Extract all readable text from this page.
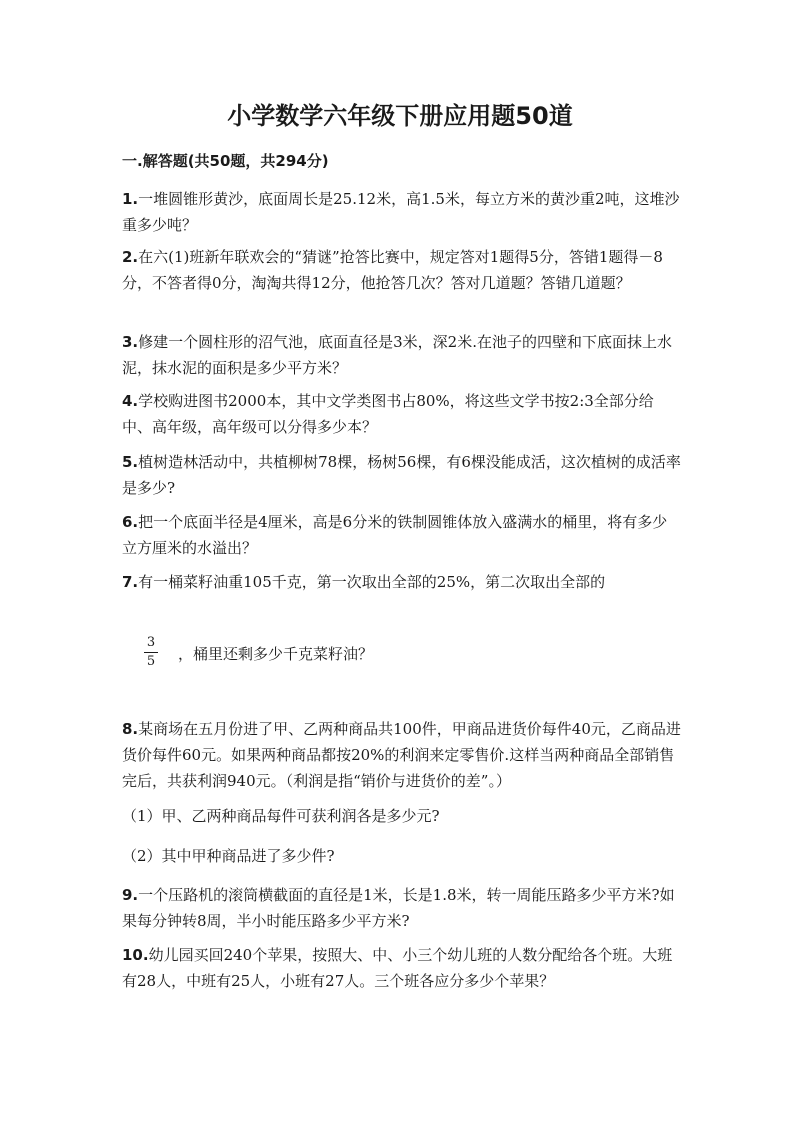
小学数学六年级下册应用题50道

一.解答题(共50题，共294分)

1.一堆圆锥形黄沙，底面周长是25.12米，高1.5米，每立方米的黄沙重2吨，这堆沙重多少吨？

2.在六(1)班新年联欢会的“猜谜”抢答比赛中，规定答对1题得5分，答错1题得－8分，不答者得0分，淘淘共得12分，他抢答几次？答对几道题？答错几道题？

3.修建一个圆柱形的沼气池，底面直径是3米，深2米.在池子的四壁和下底面抹上水泥，抹水泥的面积是多少平方米？

4.学校购进图书2000本，其中文学类图书占80%，将这些文学书按2:3全部分给中、高年级，高年级可以分得多少本？

5.植树造林活动中，共植柳树78棵，杨树56棵，有6棵没能成活，这次植树的成活率是多少?

6.把一个底面半径是4厘米，高是6分米的铁制圆锥体放入盛满水的桶里，将有多少立方厘米的水溢出？

7.有一桶菜籽油重105千克，第一次取出全部的25%，第二次取出全部的

3
5 ，桶里还剩多少千克菜籽油？

8.某商场在五月份进了甲、乙两种商品共100件，甲商品进货价每件40元，乙商品进货价每件60元。如果两种商品都按20%的利润来定零售价.这样当两种商品全部销售完后，共获利润940元。（利润是指“销价与进货价的差”。）

（1）甲、乙两种商品每件可获利润各是多少元?

（2）其中甲种商品进了多少件?

9.一个压路机的滚筒横截面的直径是1米，长是1.8米，转一周能压路多少平方米?如果每分钟转8周，半小时能压路多少平方米?

10.幼儿园买回240个苹果，按照大、中、小三个幼儿班的人数分配给各个班。大班有28人，中班有25人，小班有27人。三个班各应分多少个苹果？
